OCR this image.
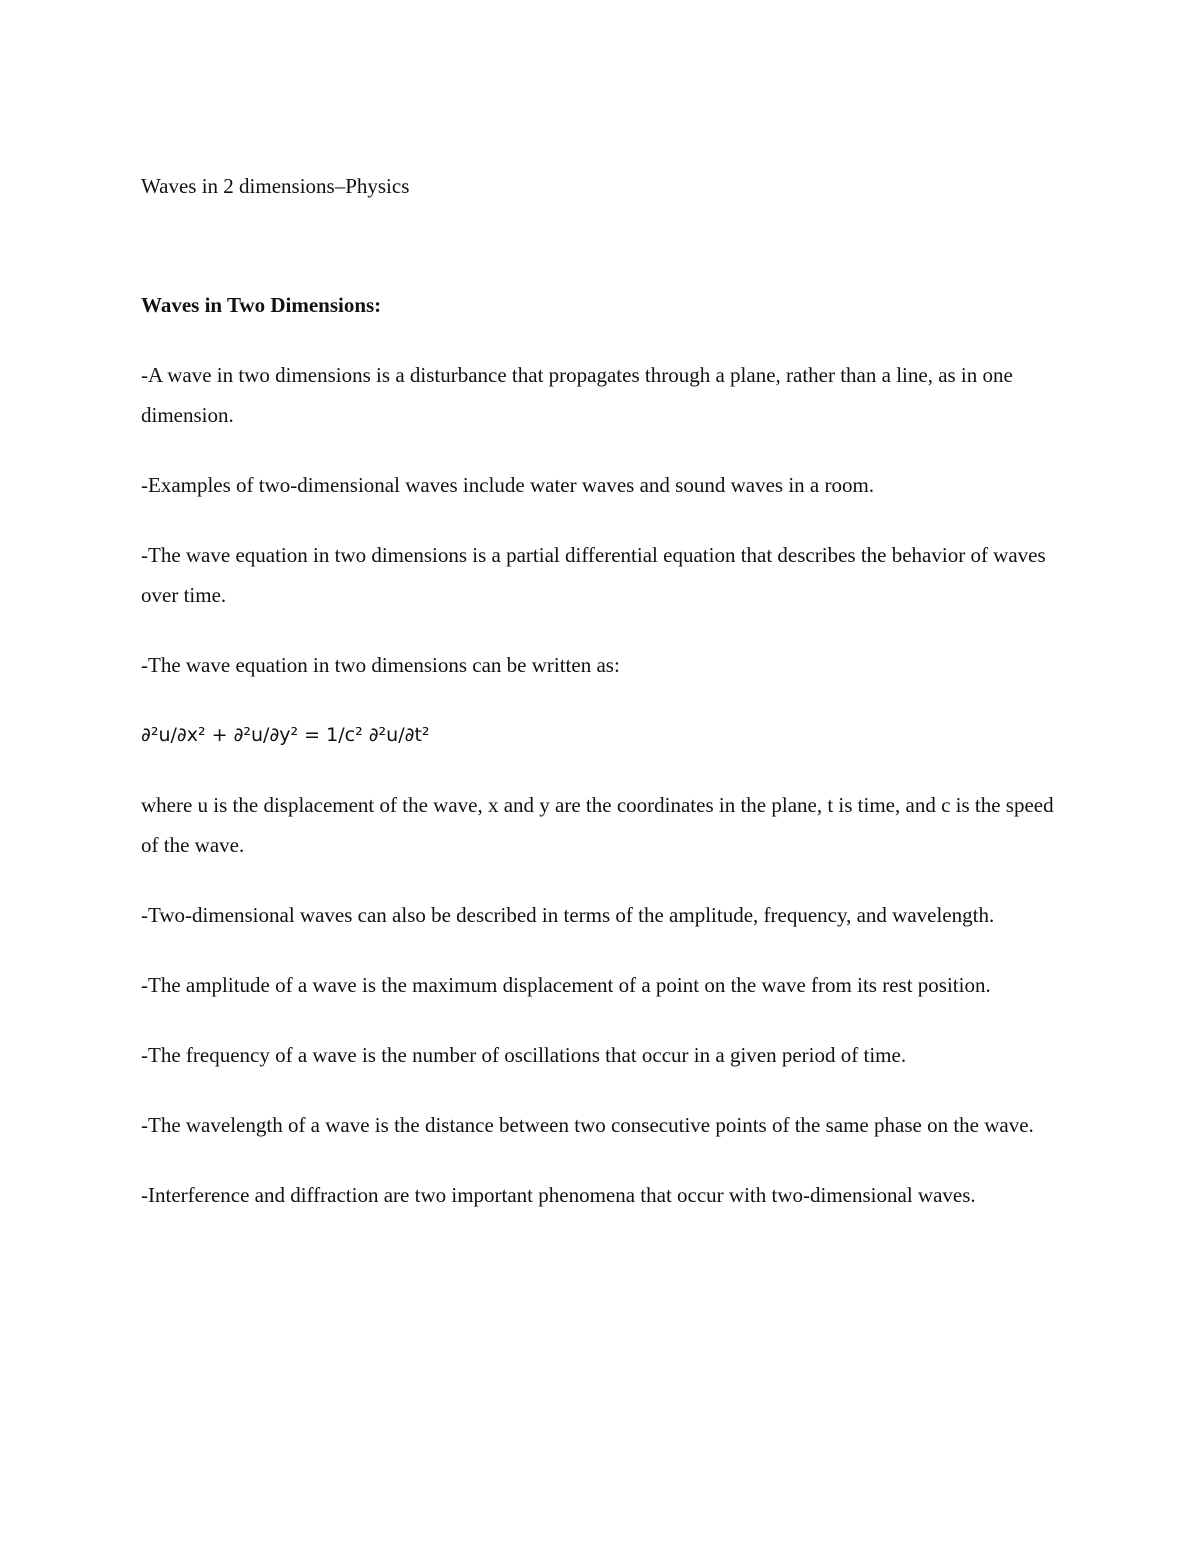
Waves in 2 dimensions–Physics

Waves in Two Dimensions:

-A wave in two dimensions is a disturbance that propagates through a plane, rather than a line, as in one dimension.

-Examples of two-dimensional waves include water waves and sound waves in a room.

-The wave equation in two dimensions is a partial differential equation that describes the behavior of waves over time.

-The wave equation in two dimensions can be written as:

∂²u/∂x² + ∂²u/∂y² = 1/c² ∂²u/∂t²

where u is the displacement of the wave, x and y are the coordinates in the plane, t is time, and c is the speed of the wave.

-Two-dimensional waves can also be described in terms of the amplitude, frequency, and wavelength.

-The amplitude of a wave is the maximum displacement of a point on the wave from its rest position.

-The frequency of a wave is the number of oscillations that occur in a given period of time.

-The wavelength of a wave is the distance between two consecutive points of the same phase on the wave.

-Interference and diffraction are two important phenomena that occur with two-dimensional waves.
